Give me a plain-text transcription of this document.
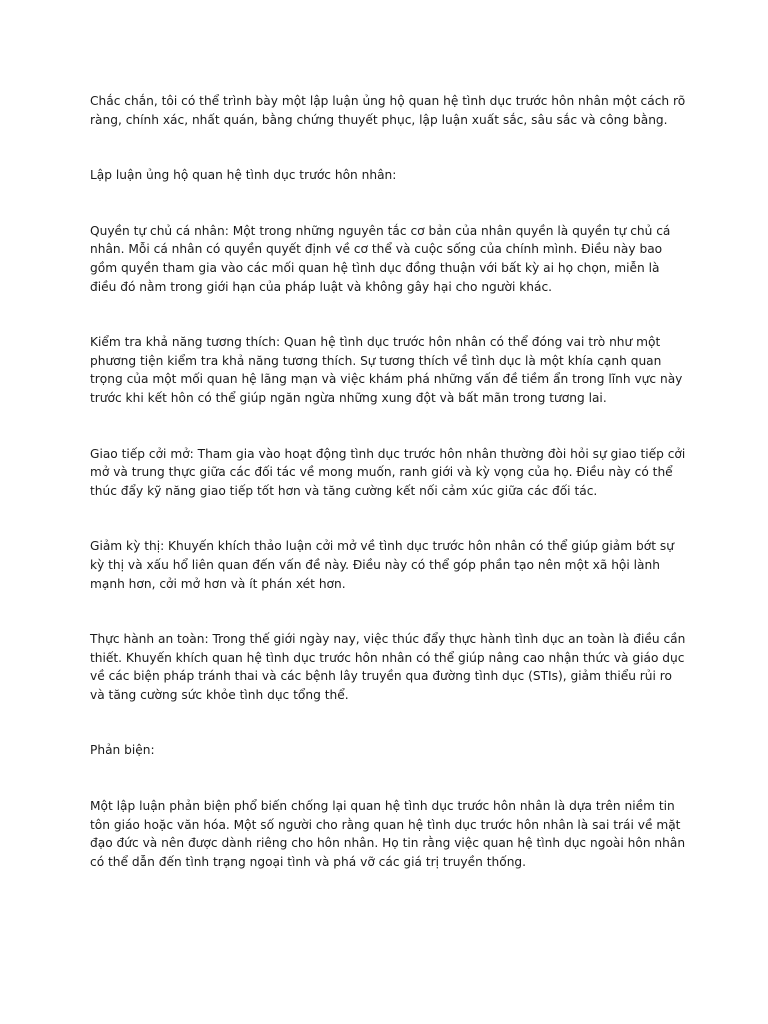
Chắc chắn, tôi có thể trình bày một lập luận ủng hộ quan hệ tình dục trước hôn nhân một cách rõ ràng, chính xác, nhất quán, bằng chứng thuyết phục, lập luận xuất sắc, sâu sắc và công bằng.

Lập luận ủng hộ quan hệ tình dục trước hôn nhân:

Quyền tự chủ cá nhân: Một trong những nguyên tắc cơ bản của nhân quyền là quyền tự chủ cá nhân. Mỗi cá nhân có quyền quyết định về cơ thể và cuộc sống của chính mình. Điều này bao gồm quyền tham gia vào các mối quan hệ tình dục đồng thuận với bất kỳ ai họ chọn, miễn là điều đó nằm trong giới hạn của pháp luật và không gây hại cho người khác.

Kiểm tra khả năng tương thích: Quan hệ tình dục trước hôn nhân có thể đóng vai trò như một phương tiện kiểm tra khả năng tương thích. Sự tương thích về tình dục là một khía cạnh quan trọng của một mối quan hệ lãng mạn và việc khám phá những vấn đề tiềm ẩn trong lĩnh vực này trước khi kết hôn có thể giúp ngăn ngừa những xung đột và bất mãn trong tương lai.

Giao tiếp cởi mở: Tham gia vào hoạt động tình dục trước hôn nhân thường đòi hỏi sự giao tiếp cởi mở và trung thực giữa các đối tác về mong muốn, ranh giới và kỳ vọng của họ. Điều này có thể thúc đẩy kỹ năng giao tiếp tốt hơn và tăng cường kết nối cảm xúc giữa các đối tác.

Giảm kỳ thị: Khuyến khích thảo luận cởi mở về tình dục trước hôn nhân có thể giúp giảm bớt sự kỳ thị và xấu hổ liên quan đến vấn đề này. Điều này có thể góp phần tạo nên một xã hội lành mạnh hơn, cởi mở hơn và ít phán xét hơn.

Thực hành an toàn: Trong thế giới ngày nay, việc thúc đẩy thực hành tình dục an toàn là điều cần thiết. Khuyến khích quan hệ tình dục trước hôn nhân có thể giúp nâng cao nhận thức và giáo dục về các biện pháp tránh thai và các bệnh lây truyền qua đường tình dục (STIs), giảm thiểu rủi ro và tăng cường sức khỏe tình dục tổng thể.

Phản biện:

Một lập luận phản biện phổ biến chống lại quan hệ tình dục trước hôn nhân là dựa trên niềm tin tôn giáo hoặc văn hóa. Một số người cho rằng quan hệ tình dục trước hôn nhân là sai trái về mặt đạo đức và nên được dành riêng cho hôn nhân. Họ tin rằng việc quan hệ tình dục ngoài hôn nhân có thể dẫn đến tình trạng ngoại tình và phá vỡ các giá trị truyền thống.
